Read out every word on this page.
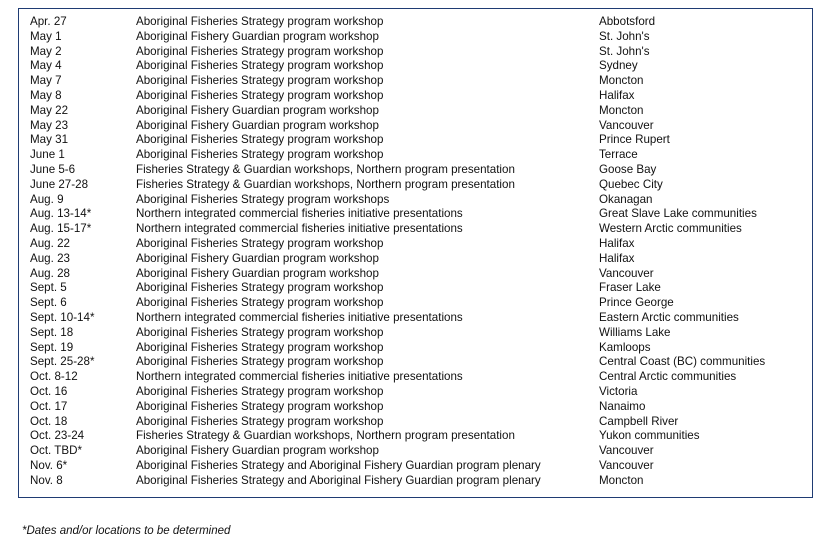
Apr. 27	Aboriginal Fisheries Strategy program workshop	Abbotsford
May 1	Aboriginal Fishery Guardian program workshop	St. John's
May 2	Aboriginal Fisheries Strategy program workshop	St. John's
May 4	Aboriginal Fisheries Strategy program workshop	Sydney
May 7	Aboriginal Fisheries Strategy program workshop	Moncton
May 8	Aboriginal Fisheries Strategy program workshop	Halifax
May 22	Aboriginal Fishery Guardian program workshop	Moncton
May 23	Aboriginal Fishery Guardian program workshop	Vancouver
May 31	Aboriginal Fisheries Strategy program workshop	Prince Rupert
June 1	Aboriginal Fisheries Strategy program workshop	Terrace
June 5-6	Fisheries Strategy & Guardian workshops, Northern program presentation	Goose Bay
June 27-28	Fisheries Strategy & Guardian workshops, Northern program presentation	Quebec City
Aug. 9	Aboriginal Fisheries Strategy program workshops	Okanagan
Aug. 13-14*	Northern integrated commercial fisheries initiative presentations	Great Slave Lake communities
Aug. 15-17*	Northern integrated commercial fisheries initiative presentations	Western Arctic communities
Aug. 22	Aboriginal Fisheries Strategy program workshop	Halifax
Aug. 23	Aboriginal Fishery Guardian program workshop	Halifax
Aug. 28	Aboriginal Fishery Guardian program workshop	Vancouver
Sept. 5	Aboriginal Fisheries Strategy program workshop	Fraser Lake
Sept. 6	Aboriginal Fisheries Strategy program workshop	Prince George
Sept. 10-14*	Northern integrated commercial fisheries initiative presentations	Eastern Arctic communities
Sept. 18	Aboriginal Fisheries Strategy program workshop	Williams Lake
Sept. 19	Aboriginal Fisheries Strategy program workshop	Kamloops
Sept. 25-28*	Aboriginal Fisheries Strategy program workshop	Central Coast (BC) communities
Oct. 8-12	Northern integrated commercial fisheries initiative presentations	Central Arctic communities
Oct. 16	Aboriginal Fisheries Strategy program workshop	Victoria
Oct. 17	Aboriginal Fisheries Strategy program workshop	Nanaimo
Oct. 18	Aboriginal Fisheries Strategy program workshop	Campbell River
Oct. 23-24	Fisheries Strategy & Guardian workshops, Northern program presentation	Yukon communities
Oct. TBD*	Aboriginal Fishery Guardian program workshop	Vancouver
Nov. 6*	Aboriginal Fisheries Strategy and Aboriginal Fishery Guardian program plenary	Vancouver
Nov. 8	Aboriginal Fisheries Strategy and Aboriginal Fishery Guardian program plenary	Moncton
*Dates and/or locations to be determined
